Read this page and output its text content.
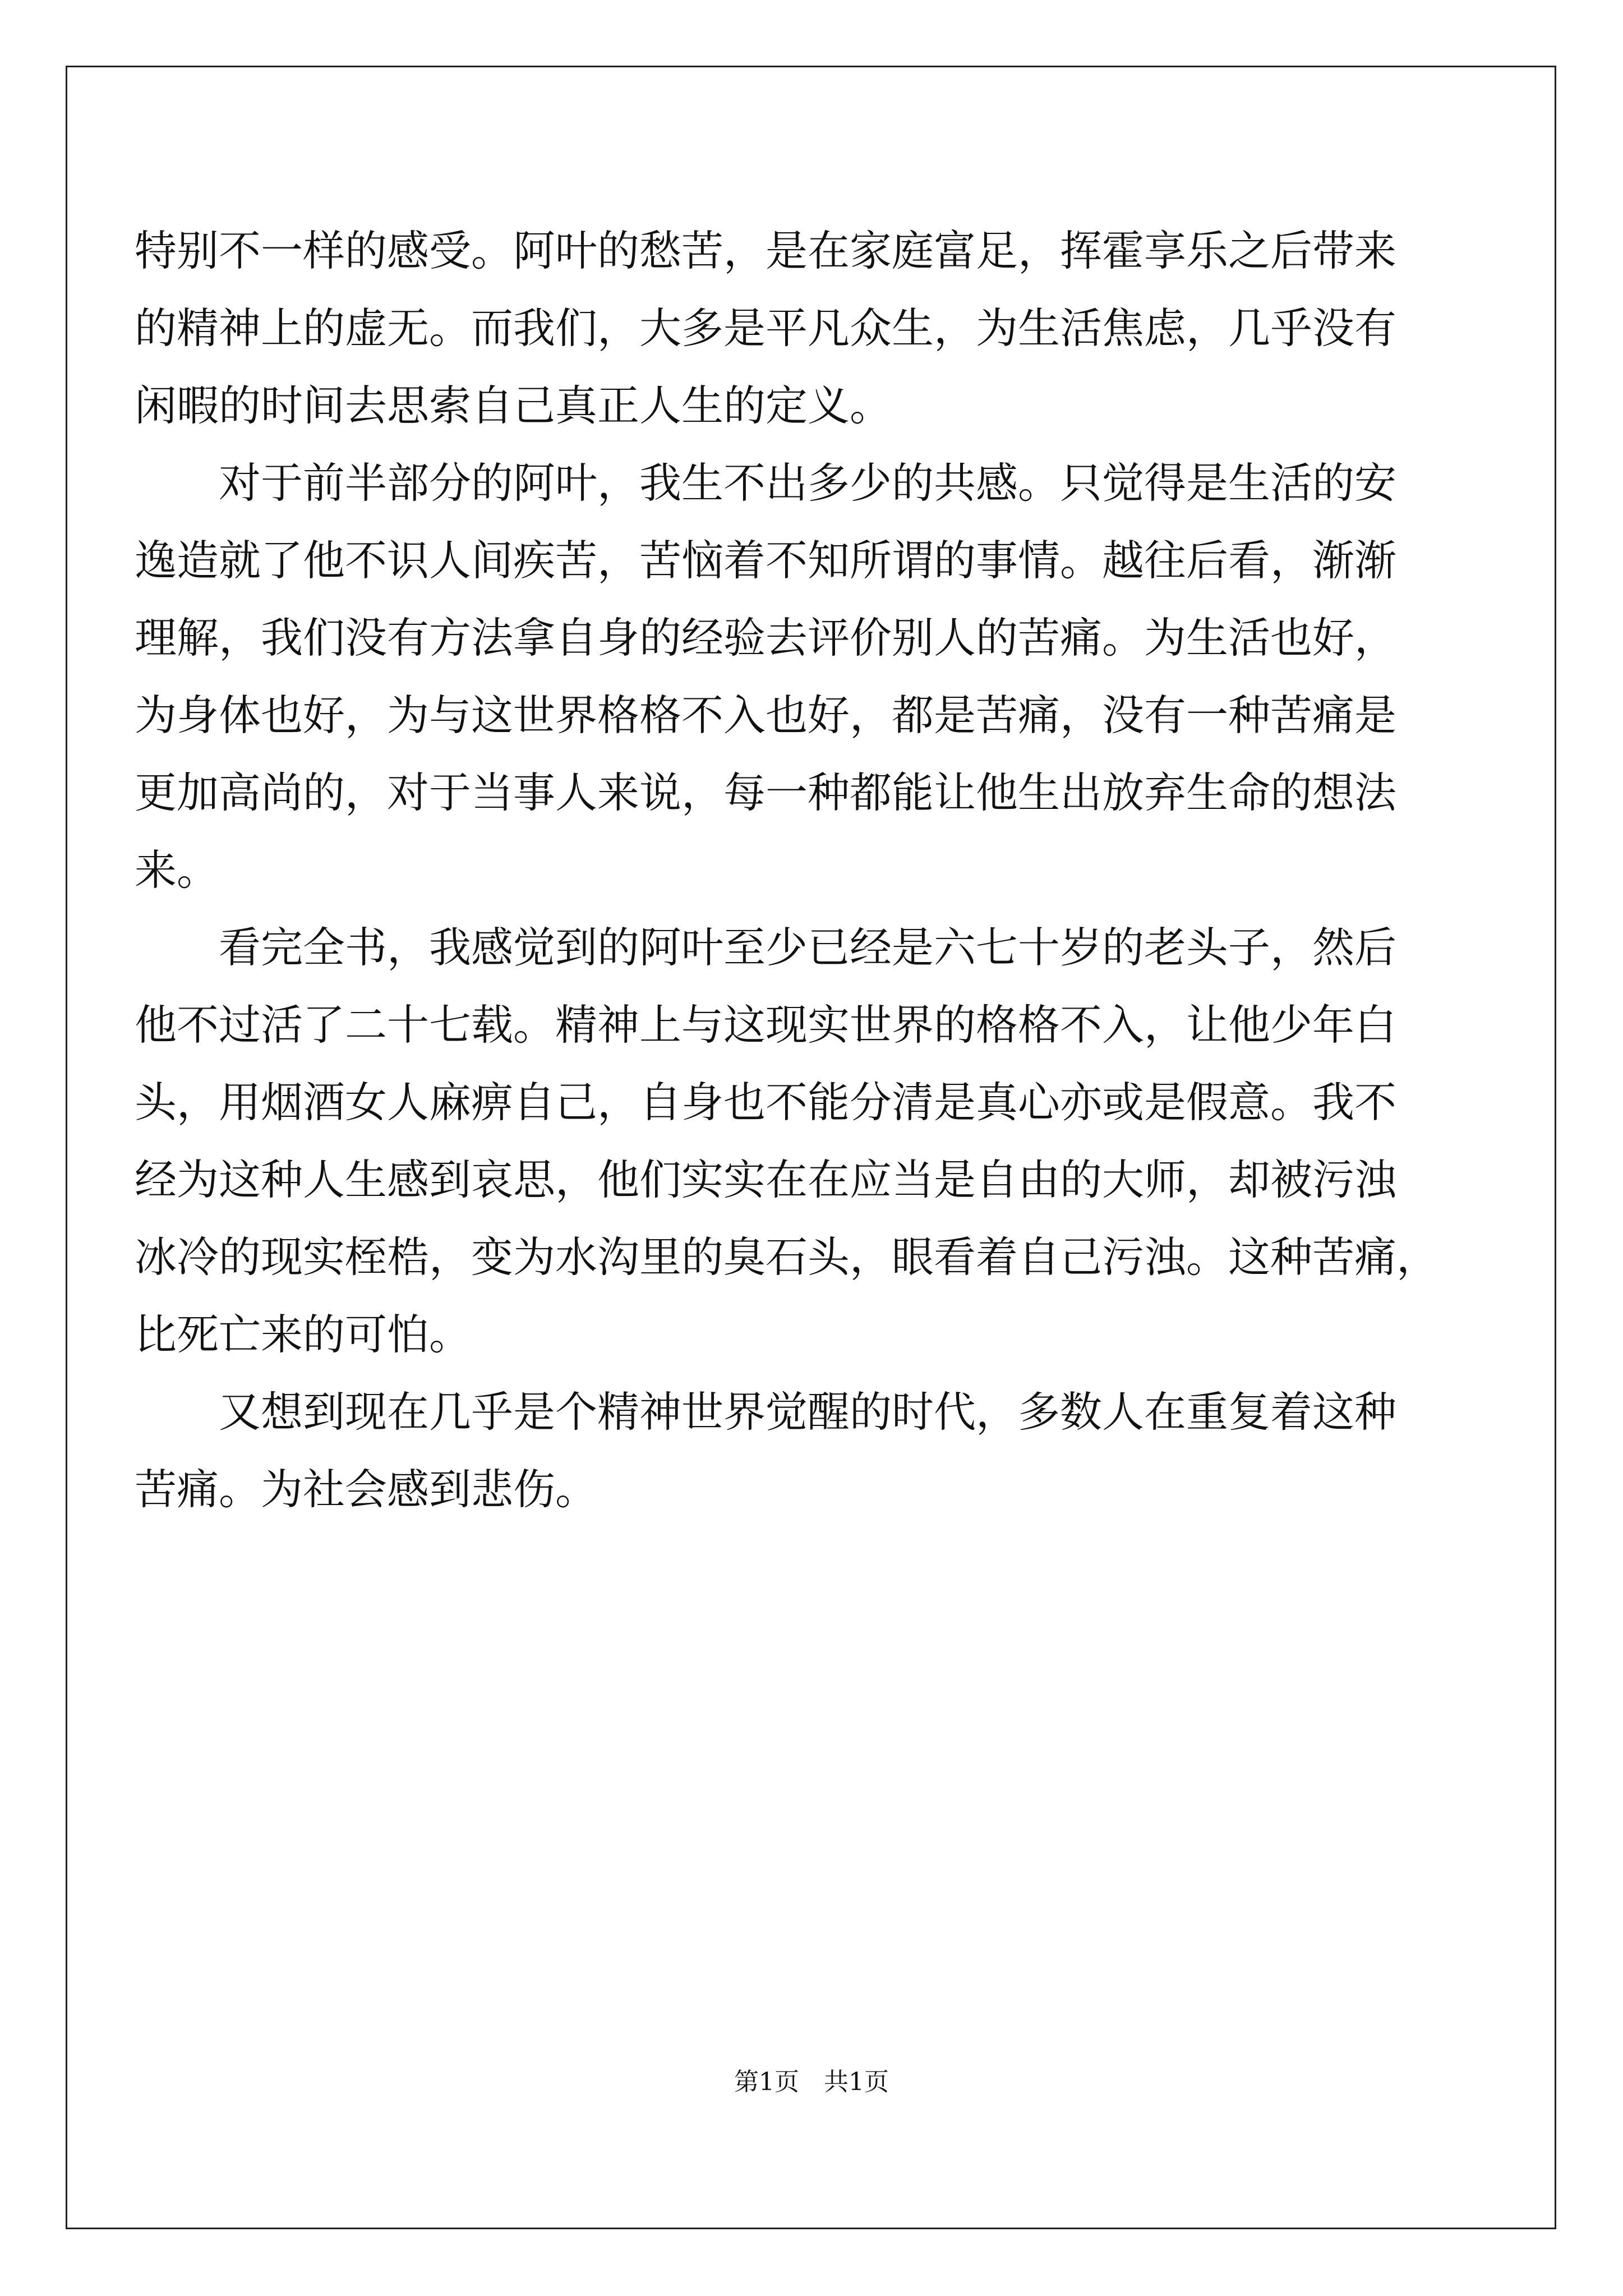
特别不一样的感受。阿叶的愁苦，是在家庭富足，挥霍享乐之后带来
的精神上的虚无。而我们，大多是平凡众生，为生活焦虑，几乎没有
闲暇的时间去思索自己真正人生的定义。
　　对于前半部分的阿叶，我生不出多少的共感。只觉得是生活的安
逸造就了他不识人间疾苦，苦恼着不知所谓的事情。越往后看，渐渐
理解，我们没有方法拿自身的经验去评价别人的苦痛。为生活也好，
为身体也好，为与这世界格格不入也好，都是苦痛，没有一种苦痛是
更加高尚的，对于当事人来说，每一种都能让他生出放弃生命的想法
来。
　　看完全书，我感觉到的阿叶至少已经是六七十岁的老头子，然后
他不过活了二十七载。精神上与这现实世界的格格不入，让他少年白
头，用烟酒女人麻痹自己，自身也不能分清是真心亦或是假意。我不
经为这种人生感到哀思，他们实实在在应当是自由的大师，却被污浊
冰冷的现实桎梏，变为水沟里的臭石头，眼看着自己污浊。这种苦痛，
比死亡来的可怕。
　　又想到现在几乎是个精神世界觉醒的时代，多数人在重复着这种
苦痛。为社会感到悲伤。
第1页　共1页
